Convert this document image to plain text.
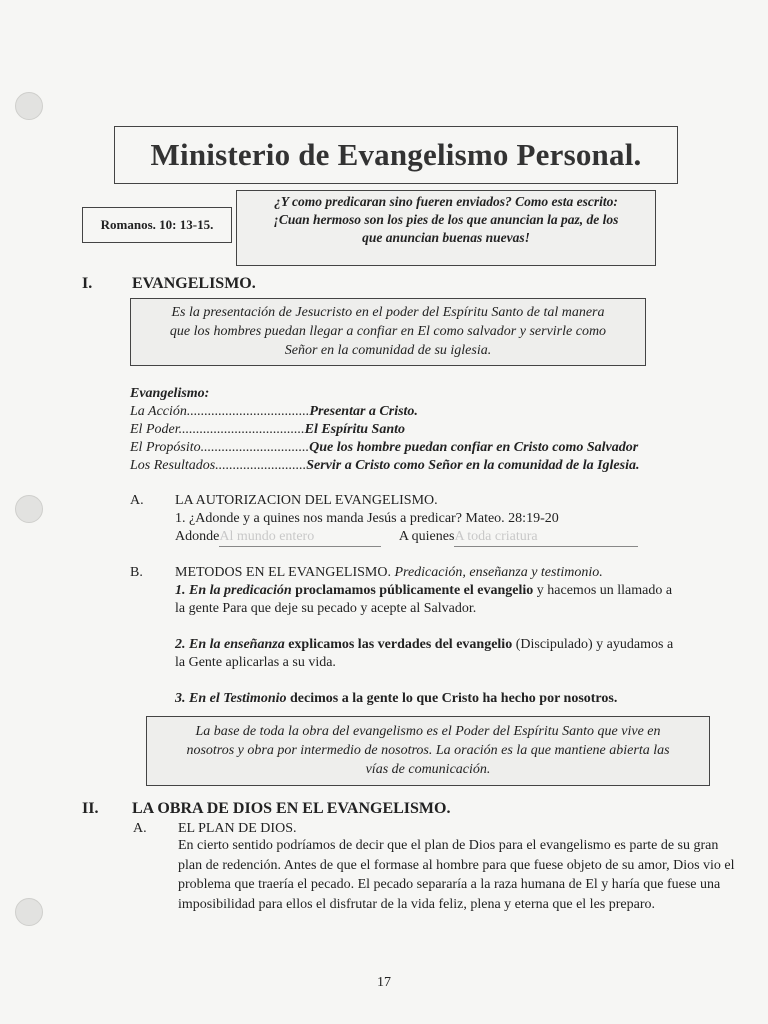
Ministerio de Evangelismo Personal.
Romanos. 10: 13-15.
¿Y como predicaran sino fueren enviados? Como esta escrito:
¡Cuan hermoso son los pies de los que anuncian la paz, de los
que anuncian buenas nuevas!
I. EVANGELISMO.
Es la presentación de Jesucristo en el poder del Espíritu Santo de tal manera
que los hombres puedan llegar a confiar en El como salvador y servirle como
Señor en la comunidad de su iglesia.
Evangelismo:
La Acción...................................Presentar a Cristo.
El Poder....................................El Espíritu Santo
El Propósito...............................Que los hombre puedan confiar en Cristo como Salvador
Los Resultados..........................Servir a Cristo como Señor en la comunidad de la Iglesia.
A. LA AUTORIZACION DEL EVANGELISMO.
1. ¿Adonde y a quines nos manda Jesús a predicar? Mateo. 28:19-20
AdondeAl mundo entero	A quienesA toda criatura
B. METODOS EN EL EVANGELISMO. Predicación, enseñanza y testimonio.
1. En la predicación proclamamos públicamente el evangelio y hacemos un llamado a
la gente Para que deje su pecado y acepte al Salvador.
2. En la enseñanza explicamos las verdades del evangelio (Discipulado) y ayudamos a
la Gente aplicarlas a su vida.
3. En el Testimonio decimos a la gente lo que Cristo ha hecho por nosotros.
La base de toda la obra del evangelismo es el Poder del Espíritu Santo que vive en
nosotros y obra por intermedio de nosotros. La oración es la que mantiene abierta las
vías de comunicación.
II. LA OBRA DE DIOS EN EL EVANGELISMO.
A. EL PLAN DE DIOS.
En cierto sentido podríamos de decir que el plan de Dios para el evangelismo es parte de su gran plan de redención. Antes de que el formase al hombre para que fuese objeto de su amor, Dios vio el problema que traería el pecado. El pecado separaría a la raza humana de El y haría que fuese una imposibilidad para ellos el disfrutar de la vida feliz, plena y eterna que el les preparo.
17
